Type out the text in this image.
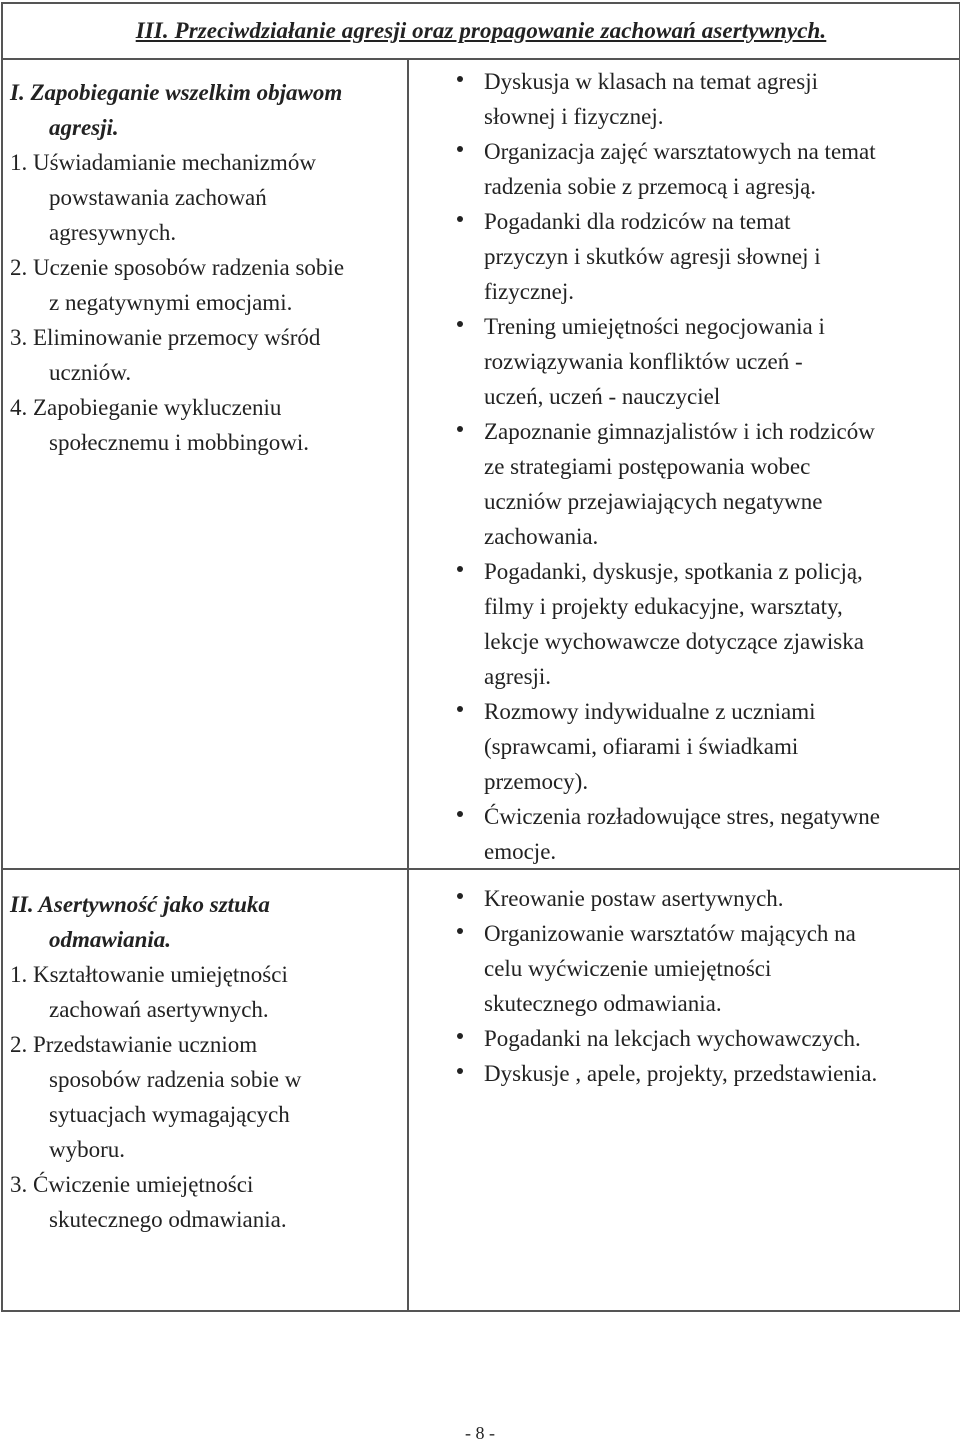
III. Przeciwdziałanie agresji oraz propagowanie zachowań asertywnych.
I. Zapobieganie wszelkim objawom
agresji.
1. Uświadamianie mechanizmów
powstawania zachowań
agresywnych.
2. Uczenie sposobów radzenia sobie
z negatywnymi emocjami.
3. Eliminowanie przemocy wśród
uczniów.
4. Zapobieganie wykluczeniu
społecznemu i mobbingowi.
II. Asertywność jako sztuka
odmawiania.
1. Kształtowanie umiejętności
zachowań asertywnych.
2. Przedstawianie uczniom
sposobów radzenia sobie w
sytuacjach wymagających
wyboru.
3. Ćwiczenie umiejętności
skutecznego odmawiania.
Dyskusja w klasach na temat agresji
słownej i fizycznej.
Organizacja zajęć warsztatowych na temat
radzenia sobie z przemocą i agresją.
Pogadanki dla rodziców na temat
przyczyn i skutków agresji słownej i
fizycznej.
Trening umiejętności negocjowania i
rozwiązywania konfliktów uczeń -
uczeń, uczeń - nauczyciel
Zapoznanie gimnazjalistów i ich rodziców
ze strategiami postępowania wobec
uczniów przejawiających negatywne
zachowania.
Pogadanki, dyskusje, spotkania z policją,
filmy i projekty edukacyjne, warsztaty,
lekcje wychowawcze dotyczące zjawiska
agresji.
Rozmowy indywidualne z uczniami
(sprawcami, ofiarami i świadkami
przemocy).
Ćwiczenia rozładowujące stres, negatywne
emocje.
Kreowanie postaw asertywnych.
Organizowanie warsztatów mających na
celu wyćwiczenie umiejętności
skutecznego odmawiania.
Pogadanki na lekcjach wychowawczych.
Dyskusje , apele, projekty, przedstawienia.
- 8 -
